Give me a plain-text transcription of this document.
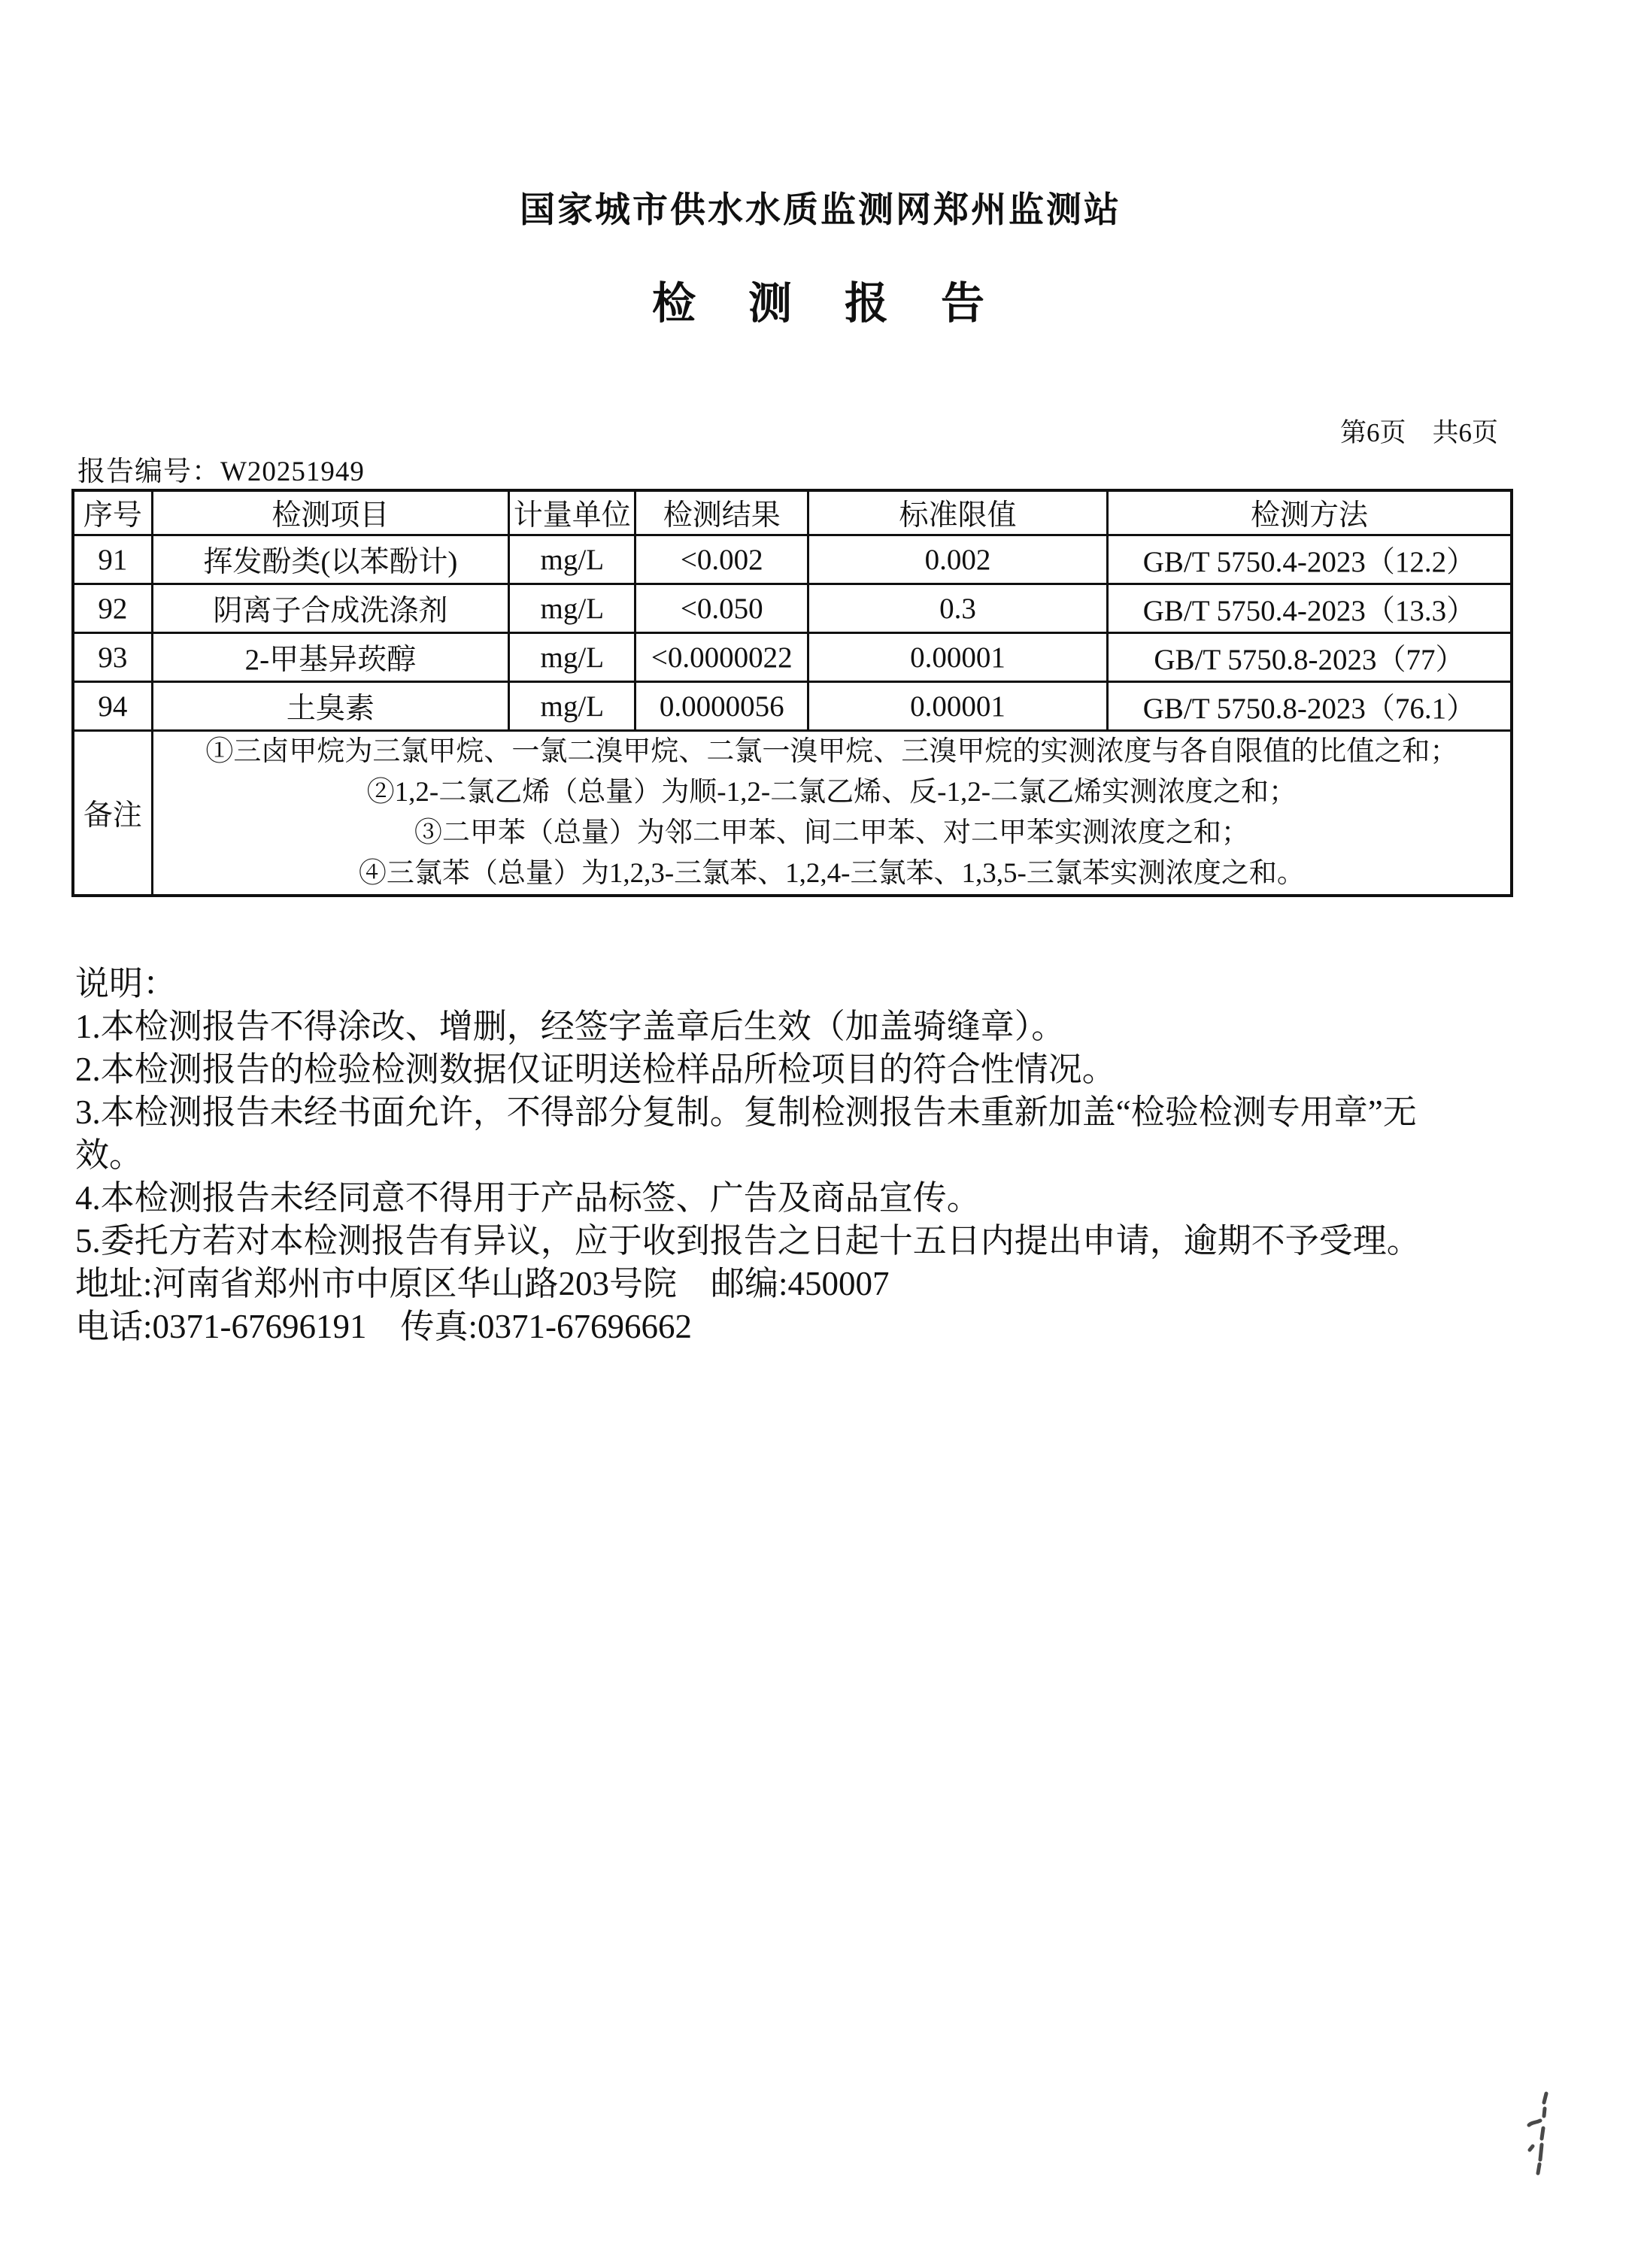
国家城市供水水质监测网郑州监测站
检　测　报　告
第6页　共6页
报告编号：W20251949
序号	检测项目	计量单位	检测结果	标准限值	检测方法
91	挥发酚类(以苯酚计)	mg/L	<0.002	0.002	GB/T 5750.4-2023（12.2）
92	阴离子合成洗涤剂	mg/L	<0.050	0.3	GB/T 5750.4-2023（13.3）
93	2-甲基异莰醇	mg/L	<0.0000022	0.00001	GB/T 5750.8-2023（77）
94	土臭素	mg/L	0.0000056	0.00001	GB/T 5750.8-2023（76.1）
备注	①三卤甲烷为三氯甲烷、一氯二溴甲烷、二氯一溴甲烷、三溴甲烷的实测浓度与各自限值的比值之和；
②1,2-二氯乙烯（总量）为顺-1,2-二氯乙烯、反-1,2-二氯乙烯实测浓度之和；
③二甲苯（总量）为邻二甲苯、间二甲苯、对二甲苯实测浓度之和；
④三氯苯（总量）为1,2,3-三氯苯、1,2,4-三氯苯、1,3,5-三氯苯实测浓度之和。				
说明：
1.本检测报告不得涂改、增删，经签字盖章后生效（加盖骑缝章）。
2.本检测报告的检验检测数据仅证明送检样品所检项目的符合性情况。
3.本检测报告未经书面允许，不得部分复制。复制检测报告未重新加盖“检验检测专用章”无效。
4.本检测报告未经同意不得用于产品标签、广告及商品宣传。
5.委托方若对本检测报告有异议，应于收到报告之日起十五日内提出申请，逾期不予受理。
地址:河南省郑州市中原区华山路203号院　邮编:450007
电话:0371-67696191　传真:0371-67696662
